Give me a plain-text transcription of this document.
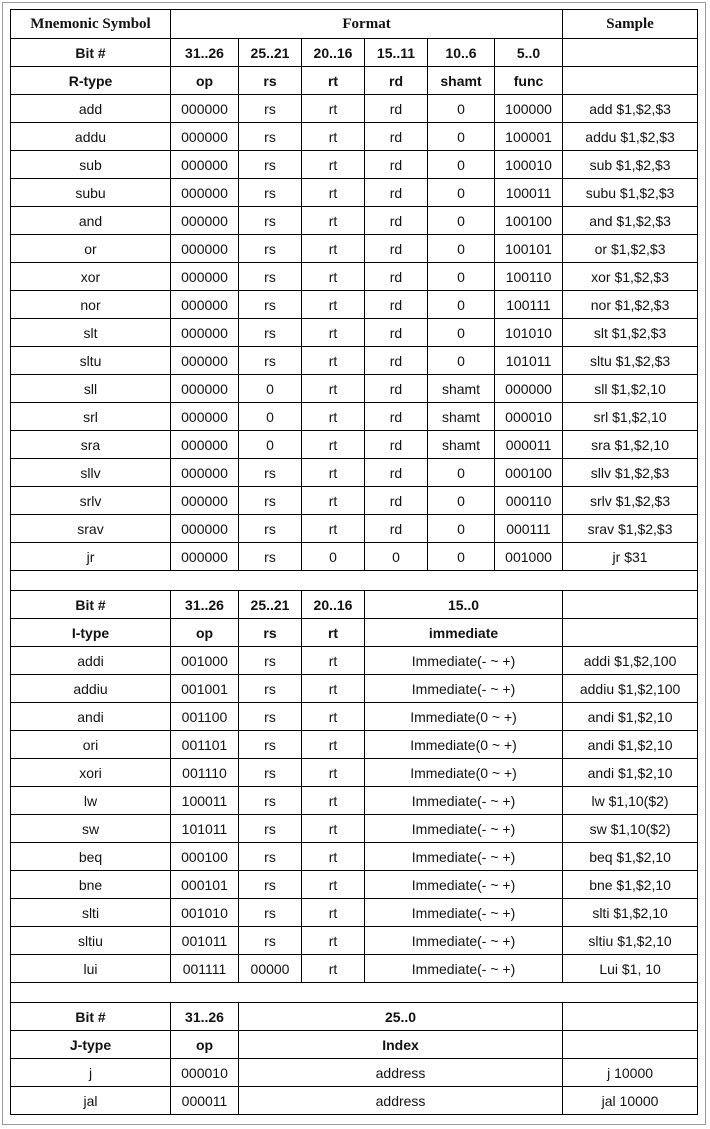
Mnemonic Symbol	Format						Sample
Bit #	31..26	25..21	20..16	15..11	10..6	5..0	
R-type	op	rs	rt	rd	shamt	func	
add	000000	rs	rt	rd	0	100000	add $1,$2,$3
addu	000000	rs	rt	rd	0	100001	addu $1,$2,$3
sub	000000	rs	rt	rd	0	100010	sub $1,$2,$3
subu	000000	rs	rt	rd	0	100011	subu $1,$2,$3
and	000000	rs	rt	rd	0	100100	and $1,$2,$3
or	000000	rs	rt	rd	0	100101	or $1,$2,$3
xor	000000	rs	rt	rd	0	100110	xor $1,$2,$3
nor	000000	rs	rt	rd	0	100111	nor $1,$2,$3
slt	000000	rs	rt	rd	0	101010	slt $1,$2,$3
sltu	000000	rs	rt	rd	0	101011	sltu $1,$2,$3
sll	000000	0	rt	rd	shamt	000000	sll $1,$2,10
srl	000000	0	rt	rd	shamt	000010	srl $1,$2,10
sra	000000	0	rt	rd	shamt	000011	sra $1,$2,10
sllv	000000	rs	rt	rd	0	000100	sllv $1,$2,$3
srlv	000000	rs	rt	rd	0	000110	srlv $1,$2,$3
srav	000000	rs	rt	rd	0	000111	srav $1,$2,$3
jr	000000	rs	0	0	0	001000	jr $31

Bit #	31..26	25..21	20..16	15..0			
I-type	op	rs	rt	immediate			
addi	001000	rs	rt	Immediate(- ~ +)			addi $1,$2,100
addiu	001001	rs	rt	Immediate(- ~ +)			addiu $1,$2,100
andi	001100	rs	rt	Immediate(0 ~ +)			andi $1,$2,10
ori	001101	rs	rt	Immediate(0 ~ +)			andi $1,$2,10
xori	001110	rs	rt	Immediate(0 ~ +)			andi $1,$2,10
lw	100011	rs	rt	Immediate(- ~ +)			lw $1,10($2)
sw	101011	rs	rt	Immediate(- ~ +)			sw $1,10($2)
beq	000100	rs	rt	Immediate(- ~ +)			beq $1,$2,10
bne	000101	rs	rt	Immediate(- ~ +)			bne $1,$2,10
slti	001010	rs	rt	Immediate(- ~ +)			slti $1,$2,10
sltiu	001011	rs	rt	Immediate(- ~ +)			sltiu $1,$2,10
lui	001111	00000	rt	Immediate(- ~ +)			Lui $1, 10

Bit #	31..26	25..0					
J-type	op	Index					
j	000010	address					j 10000
jal	000011	address					jal 10000
